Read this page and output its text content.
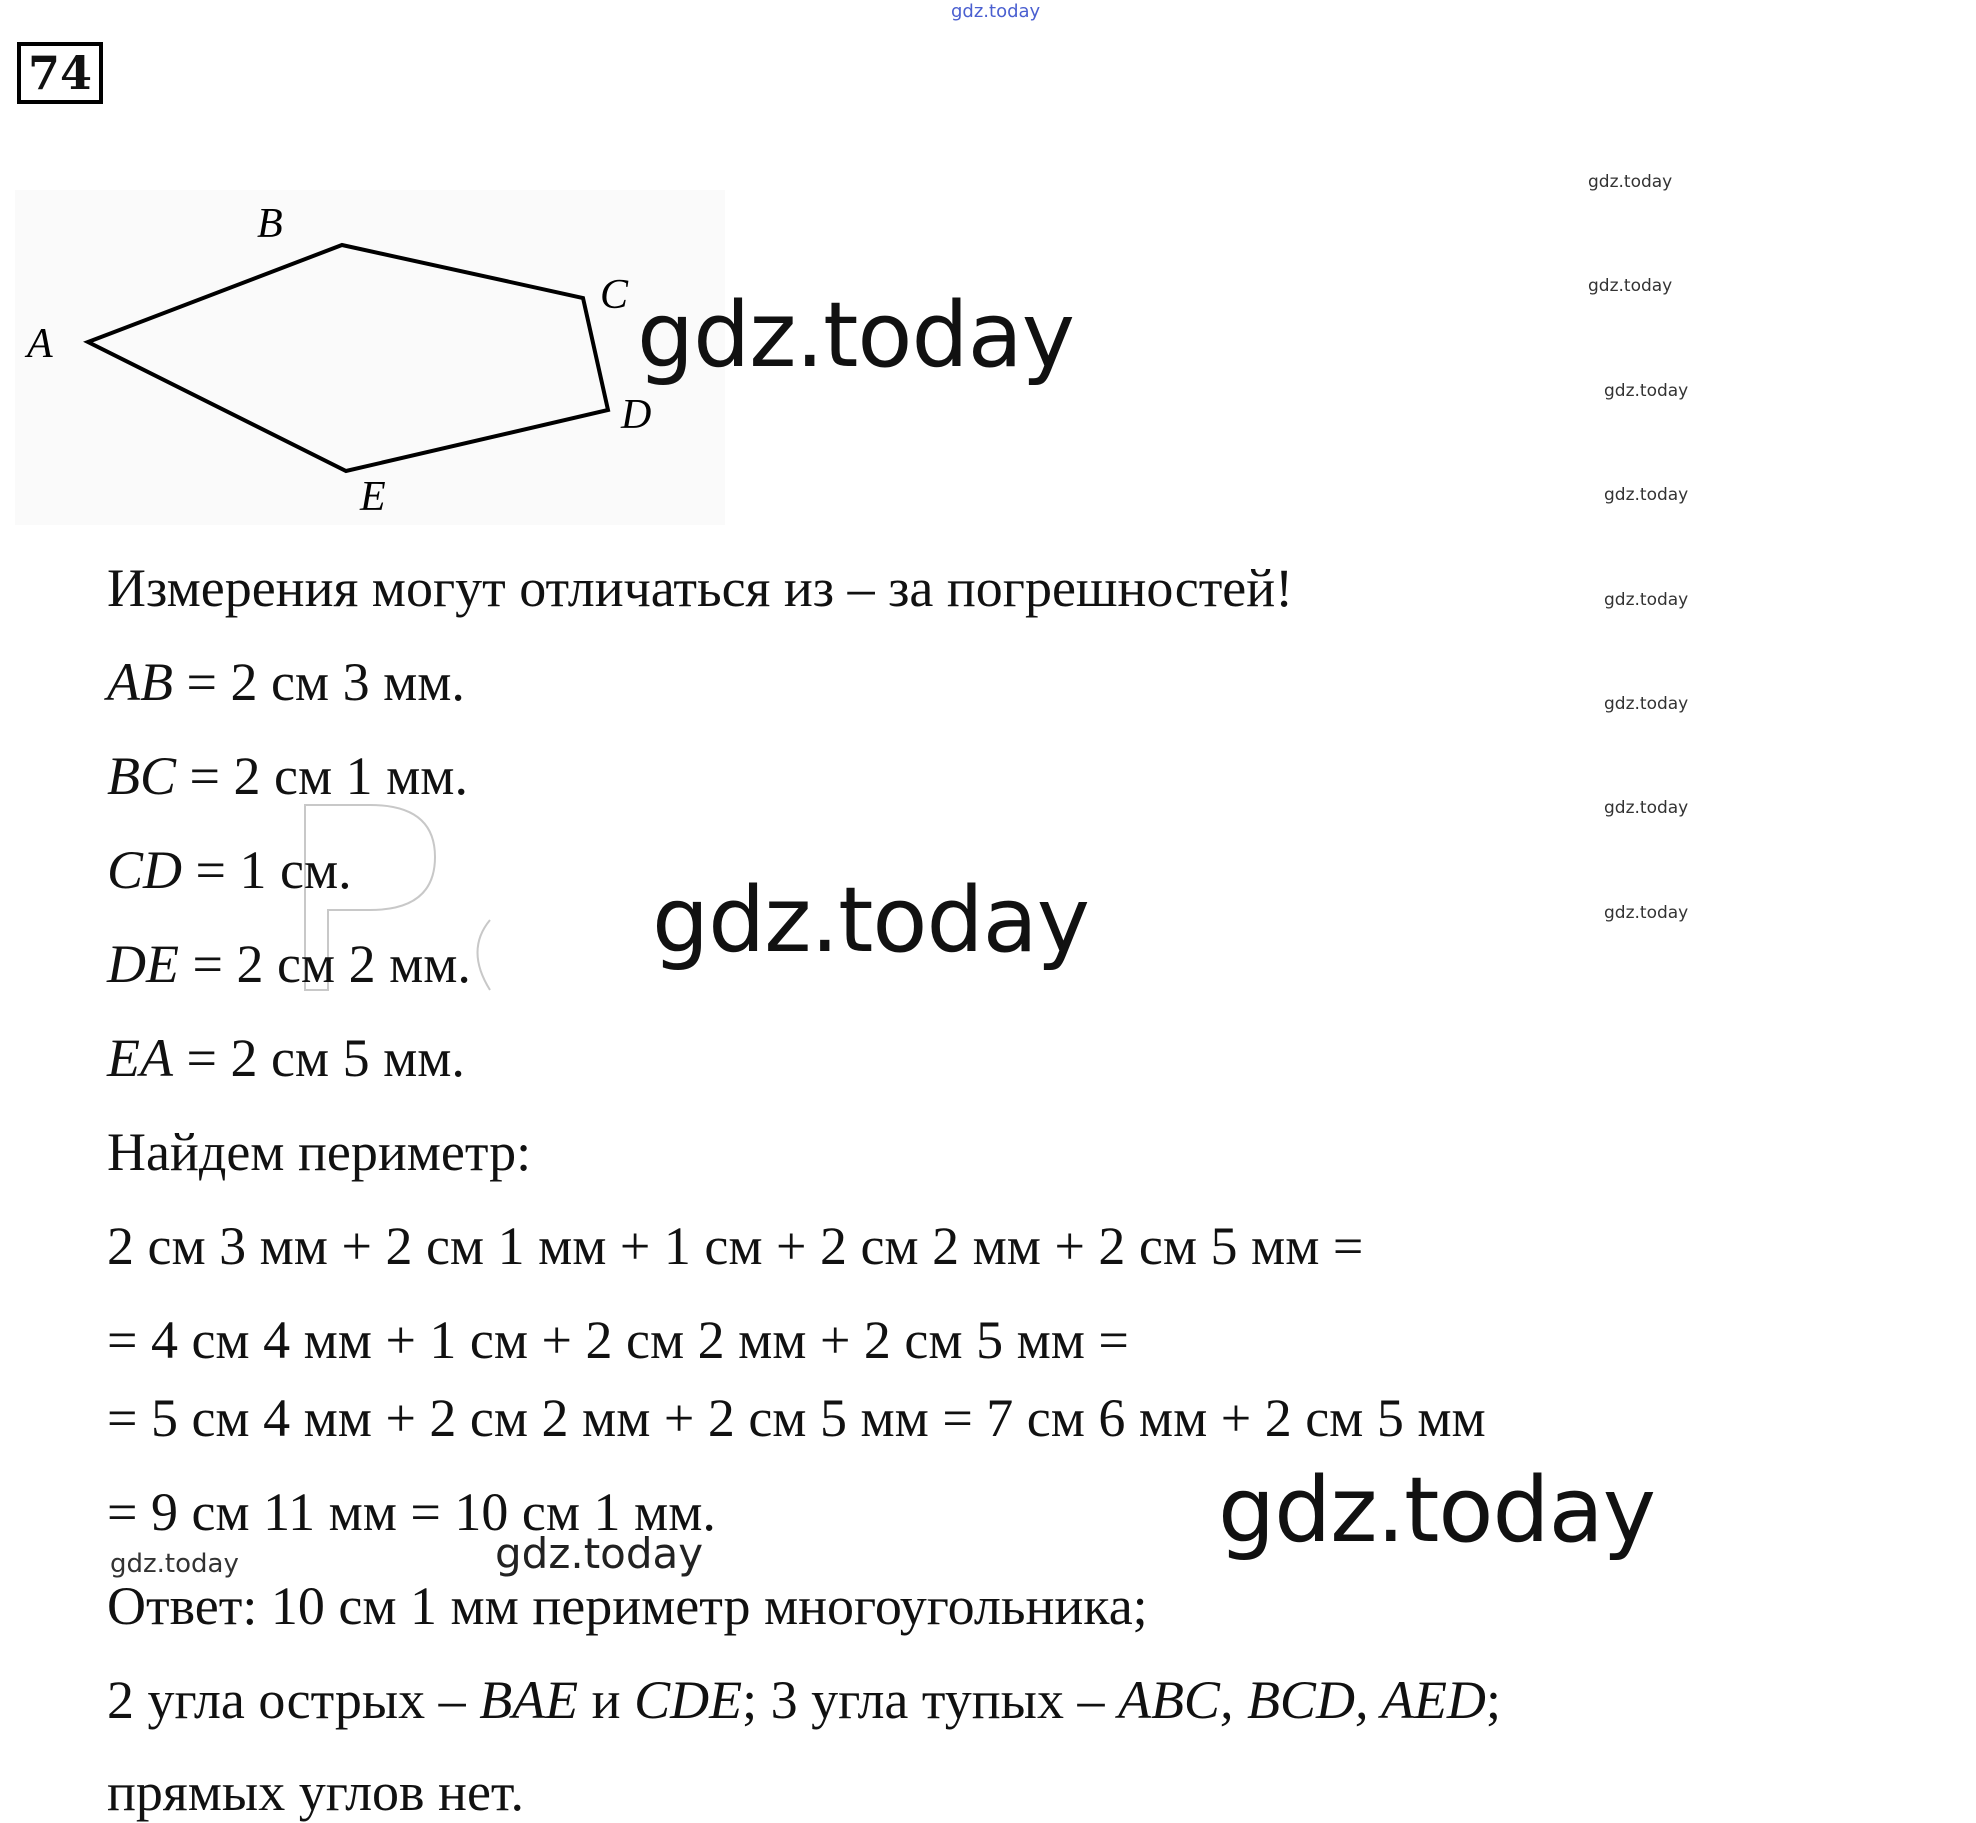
gdz.today
74
B
C
A
D
E
gdz.today
gdz.today
gdz.today
gdz.today
gdz.today
gdz.today
gdz.today
gdz.today
gdz.today
gdz.today
gdz.today
Измерения могут отличаться из – за погрешностей!
AB = 2 см 3 мм.
BC = 2 см 1 мм.
CD = 1 см.
DE = 2 см 2 мм.
EA = 2 см 5 мм.
Найдем периметр:
2 см 3 мм + 2 см 1 мм + 1 см + 2 см 2 мм + 2 см 5 мм =
= 4 см 4 мм + 1 см + 2 см 2 мм + 2 см 5 мм =
= 5 см 4 мм + 2 см 2 мм + 2 см 5 мм = 7 см 6 мм + 2 см 5 мм
= 9 см 11 мм = 10 см 1 мм.
gdz.today	gdz.today
Ответ: 10 см 1 мм периметр многоугольника;
2 угла острых – BAE и CDE; 3 угла тупых – ABC, BCD, AED;
прямых углов нет.
